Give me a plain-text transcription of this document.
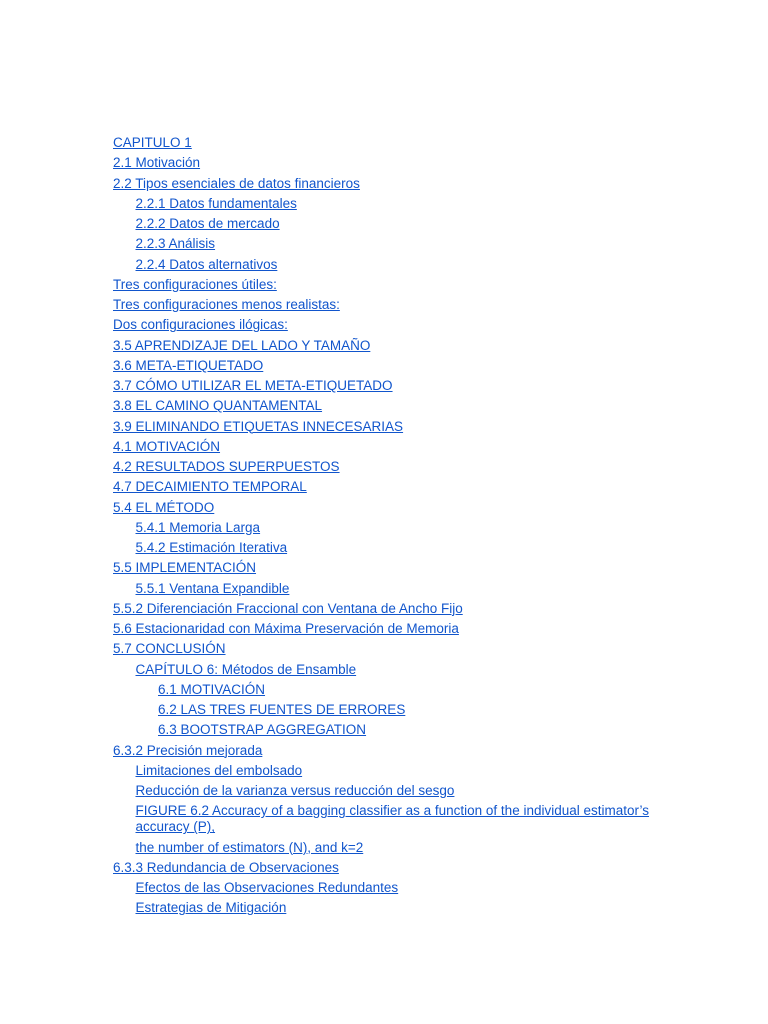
CAPITULO 1
2.1 Motivación
2.2 Tipos esenciales de datos financieros
2.2.1 Datos fundamentales
2.2.2 Datos de mercado
2.2.3 Análisis
2.2.4 Datos alternativos
Tres configuraciones útiles:
Tres configuraciones menos realistas:
Dos configuraciones ilógicas:
3.5 APRENDIZAJE DEL LADO Y TAMAÑO
3.6 META-ETIQUETADO
3.7 CÓMO UTILIZAR EL META-ETIQUETADO
3.8 EL CAMINO QUANTAMENTAL
3.9 ELIMINANDO ETIQUETAS INNECESARIAS
4.1 MOTIVACIÓN
4.2 RESULTADOS SUPERPUESTOS
4.7 DECAIMIENTO TEMPORAL
5.4 EL MÉTODO
5.4.1 Memoria Larga
5.4.2 Estimación Iterativa
5.5 IMPLEMENTACIÓN
5.5.1 Ventana Expandible
5.5.2 Diferenciación Fraccional con Ventana de Ancho Fijo
5.6 Estacionaridad con Máxima Preservación de Memoria
5.7 CONCLUSIÓN
CAPÍTULO 6: Métodos de Ensamble
6.1 MOTIVACIÓN
6.2 LAS TRES FUENTES DE ERRORES
6.3 BOOTSTRAP AGGREGATION
6.3.2 Precisión mejorada
Limitaciones del embolsado
Reducción de la varianza versus reducción del sesgo
FIGURE 6.2 Accuracy of a bagging classifier as a function of the individual estimator’s accuracy (P),
the number of estimators (N), and k=2
6.3.3 Redundancia de Observaciones
Efectos de las Observaciones Redundantes
Estrategias de Mitigación
